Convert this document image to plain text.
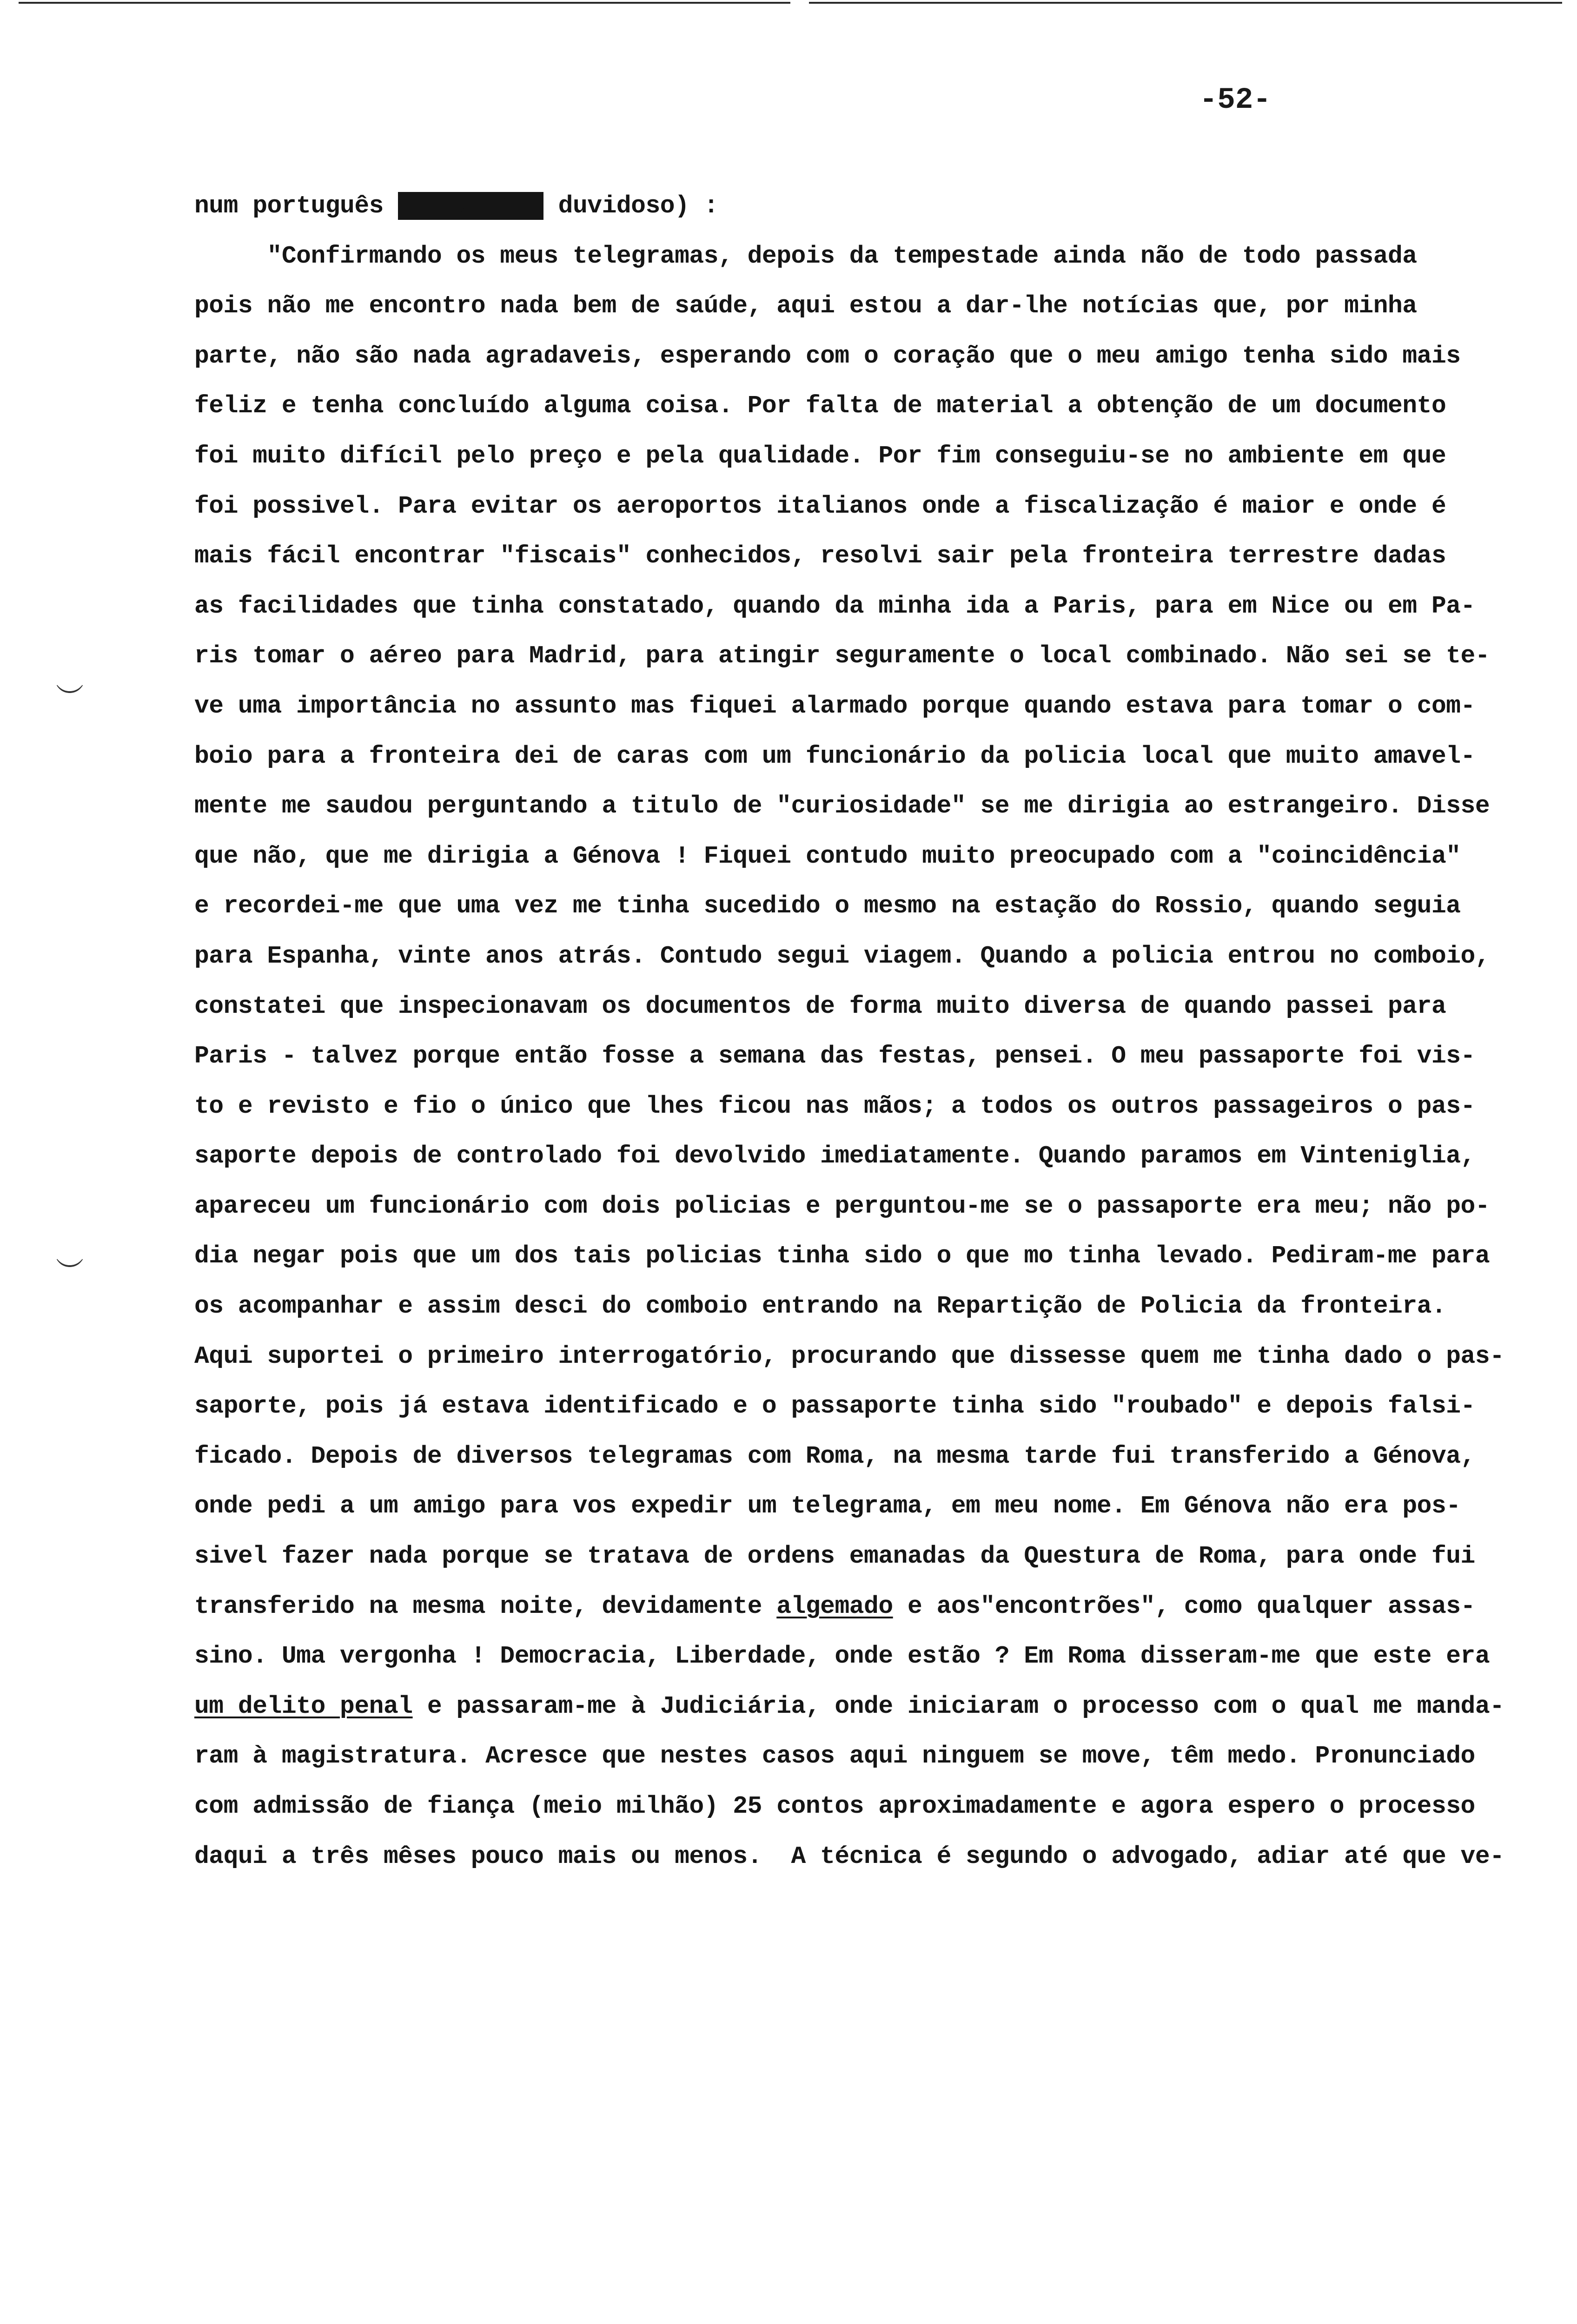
-52-
︶
︶
num português aproveitou duvidoso) :
"Confirmando os meus telegramas, depois da tempestade ainda não de todo passada
pois não me encontro nada bem de saúde, aqui estou a dar-lhe notícias que, por minha
parte, não são nada agradaveis, esperando com o coração que o meu amigo tenha sido mais
feliz e tenha concluído alguma coisa. Por falta de material a obtenção de um documento
foi muito difícil pelo preço e pela qualidade. Por fim conseguiu-se no ambiente em que
foi possivel. Para evitar os aeroportos italianos onde a fiscalização é maior e onde é
mais fácil encontrar "fiscais" conhecidos, resolvi sair pela fronteira terrestre dadas
as facilidades que tinha constatado, quando da minha ida a Paris, para em Nice ou em Pa-
ris tomar o aéreo para Madrid, para atingir seguramente o local combinado. Não sei se te-
ve uma importância no assunto mas fiquei alarmado porque quando estava para tomar o com-
boio para a fronteira dei de caras com um funcionário da policia local que muito amavel-
mente me saudou perguntando a titulo de "curiosidade" se me dirigia ao estrangeiro. Disse
que não, que me dirigia a Génova ! Fiquei contudo muito preocupado com a "coincidência"
e recordei-me que uma vez me tinha sucedido o mesmo na estação do Rossio, quando seguia
para Espanha, vinte anos atrás. Contudo segui viagem. Quando a policia entrou no comboio,
constatei que inspecionavam os documentos de forma muito diversa de quando passei para
Paris - talvez porque então fosse a semana das festas, pensei. O meu passaporte foi vis-
to e revisto e fio o único que lhes ficou nas mãos; a todos os outros passageiros o pas-
saporte depois de controlado foi devolvido imediatamente. Quando paramos em Vinteniglia,
apareceu um funcionário com dois policias e perguntou-me se o passaporte era meu; não po-
dia negar pois que um dos tais policias tinha sido o que mo tinha levado. Pediram-me para
os acompanhar e assim desci do comboio entrando na Repartição de Policia da fronteira.
Aqui suportei o primeiro interrogatório, procurando que dissesse quem me tinha dado o pas-
saporte, pois já estava identificado e o passaporte tinha sido "roubado" e depois falsi-
ficado. Depois de diversos telegramas com Roma, na mesma tarde fui transferido a Génova,
onde pedi a um amigo para vos expedir um telegrama, em meu nome. Em Génova não era pos-
sivel fazer nada porque se tratava de ordens emanadas da Questura de Roma, para onde fui
transferido na mesma noite, devidamente algemado e aos"encontrões", como qualquer assas-
sino. Uma vergonha ! Democracia, Liberdade, onde estão ? Em Roma disseram-me que este era
um delito penal e passaram-me à Judiciária, onde iniciaram o processo com o qual me manda-
ram à magistratura. Acresce que nestes casos aqui ninguem se move, têm medo. Pronunciado
com admissão de fiança (meio milhão) 25 contos aproximadamente e agora espero o processo
daqui a três mêses pouco mais ou menos.  A técnica é segundo o advogado, adiar até que ve-
